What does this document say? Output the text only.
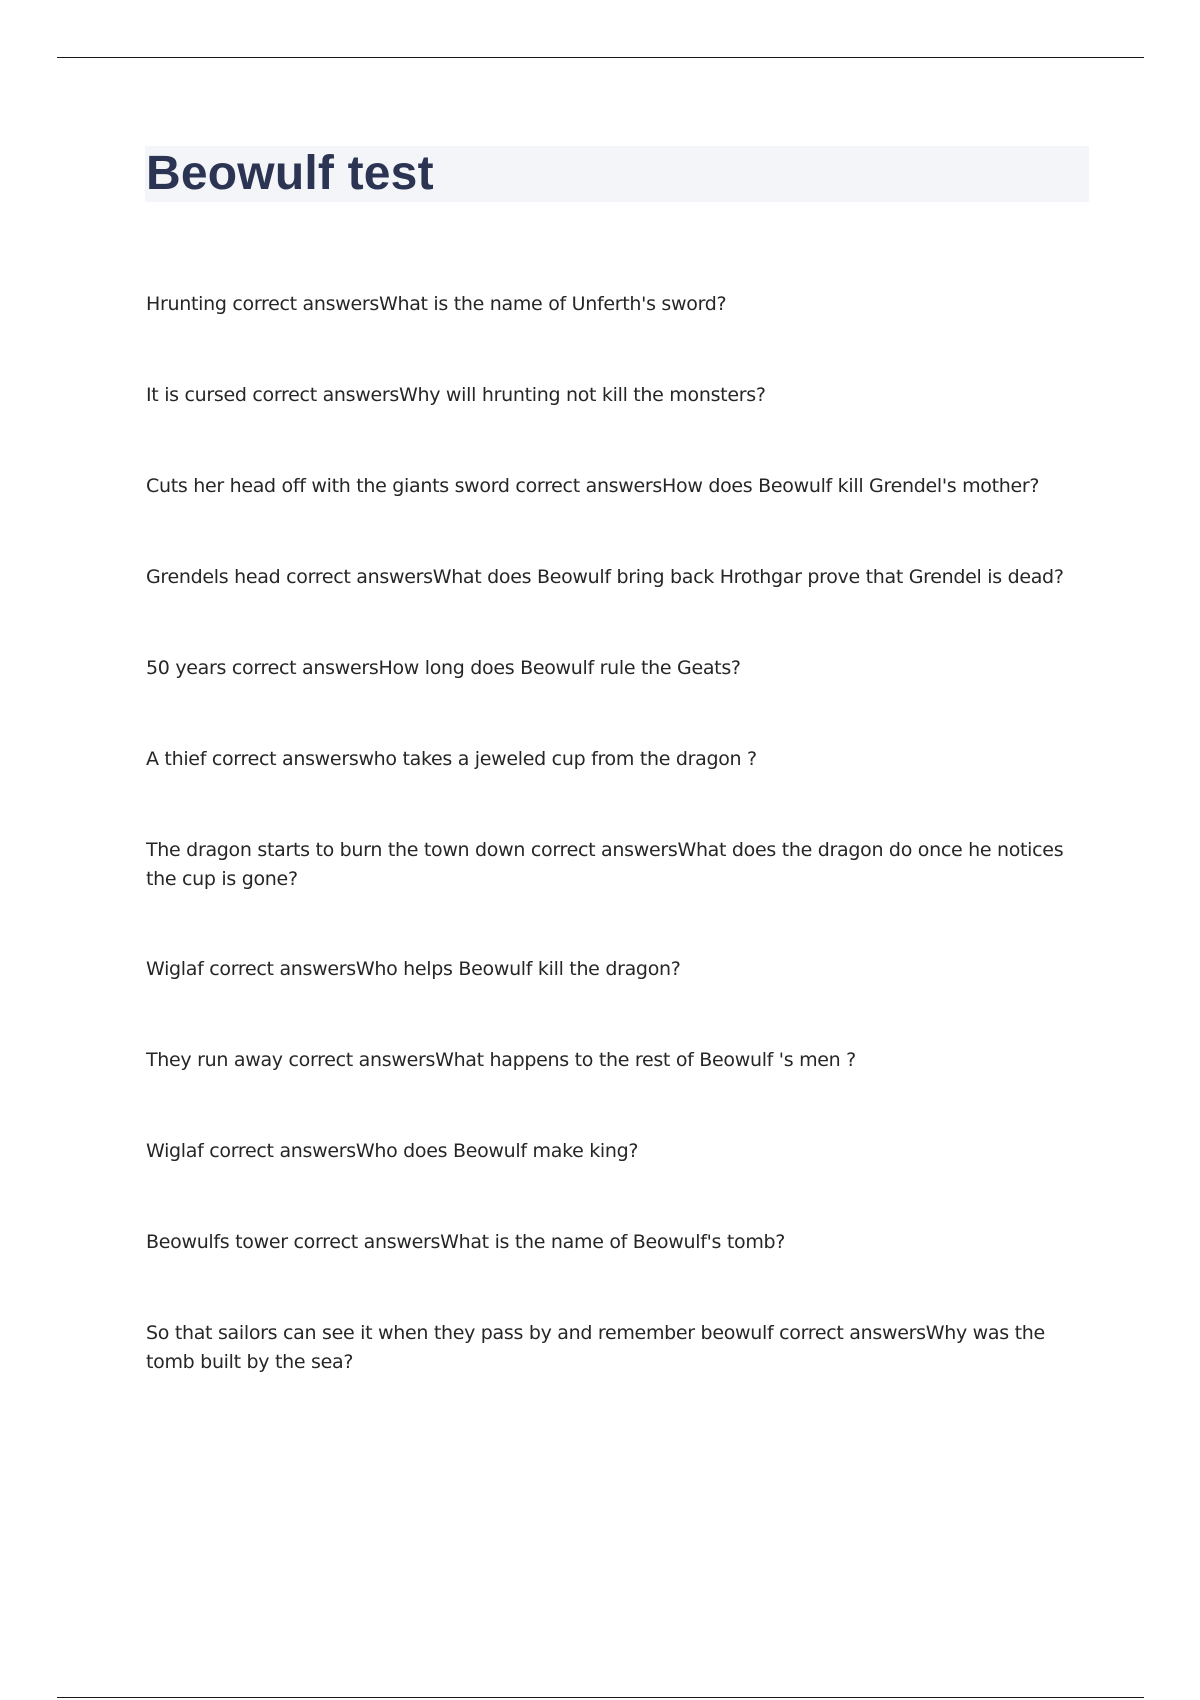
Beowulf test
Hrunting correct answersWhat is the name of Unferth's sword?
It is cursed correct answersWhy will hrunting not kill the monsters?
Cuts her head off with the giants sword correct answersHow does Beowulf kill Grendel's mother?
Grendels head correct answersWhat does Beowulf bring back Hrothgar prove that Grendel is dead?
50 years correct answersHow long does Beowulf rule the Geats?
A thief correct answerswho takes a jeweled cup from the dragon ?
The dragon starts to burn the town down correct answersWhat does the dragon do once he notices the cup is gone?
Wiglaf correct answersWho helps Beowulf kill the dragon?
They run away correct answersWhat happens to the rest of Beowulf 's men ?
Wiglaf correct answersWho does Beowulf make king?
Beowulfs tower correct answersWhat is the name of Beowulf's tomb?
So that sailors can see it when they pass by and remember beowulf correct answersWhy was the tomb built by the sea?
